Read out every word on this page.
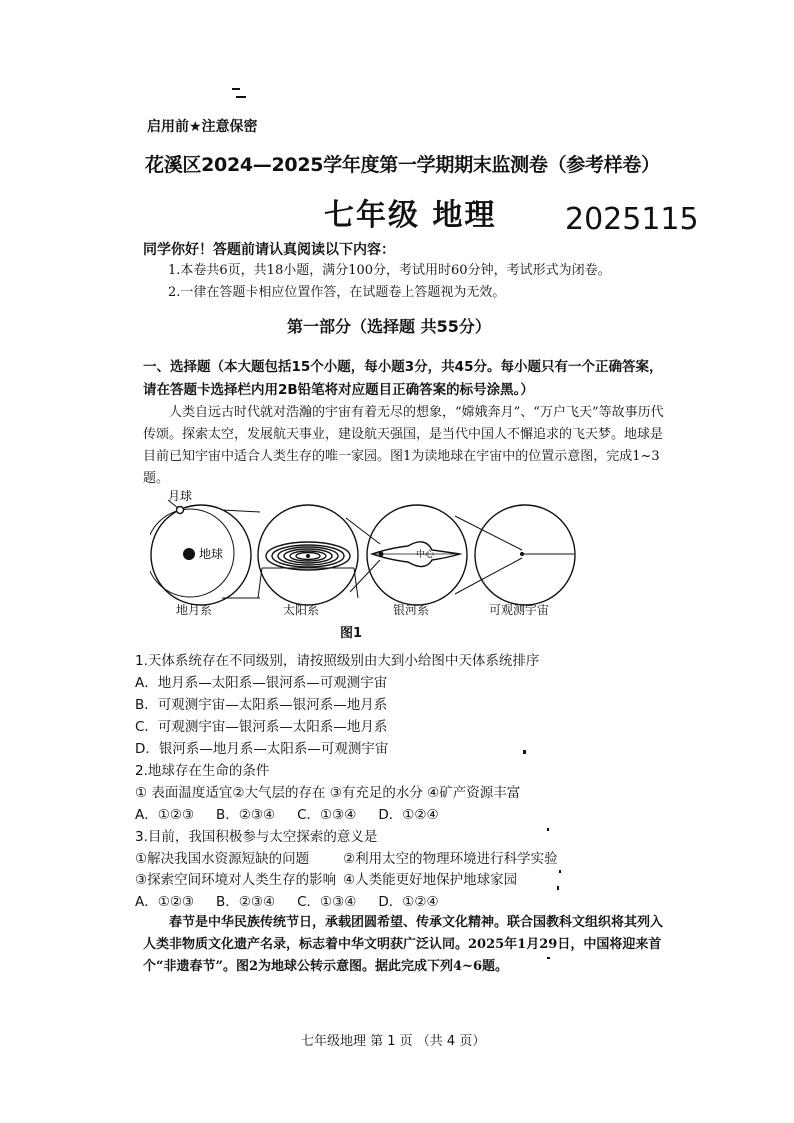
启用前★注意保密
花溪区2024—2025学年度第一学期期末监测卷（参考样卷）
七年级 地理 2025115
同学你好！答题前请认真阅读以下内容：
1.本卷共6页，共18小题，满分100分，考试用时60分钟，考试形式为闭卷。
2.一律在答题卡相应位置作答，在试题卷上答题视为无效。
第一部分（选择题 共55分）
一、选择题（本大题包括15个小题，每小题3分，共45分。每小题只有一个正确答案，请在答题卡选择栏内用2B铅笔将对应题目正确答案的标号涂黑。）
人类自远古时代就对浩瀚的宇宙有着无尽的想象，“嫦娥奔月”、“万户飞天”等故事历代传颂。探索太空，发展航天事业，建设航天强国，是当代中国人不懈追求的飞天梦。地球是目前已知宇宙中适合人类生存的唯一家园。图1为读地球在宇宙中的位置示意图，完成1~3题。
月球
地球	中心
地月系	太阳系	银河系	可观测宇宙
图1
1.天体系统存在不同级别，请按照级别由大到小给图中天体系统排序
A．地月系—太阳系—银河系—可观测宇宙
B．可观测宇宙—太阳系—银河系—地月系
C．可观测宇宙—银河系—太阳系—地月系
D．银河系—地月系—太阳系—可观测宇宙
2.地球存在生命的条件
① 表面温度适宜②大气层的存在 ③有充足的水分 ④矿产资源丰富
A．①②③ B．②③④ C．①③④ D．①②④
3.目前，我国积极参与太空探索的意义是
①解决我国水资源短缺的问题	②利用太空的物理环境进行科学实验
③探索空间环境对人类生存的影响 ④人类能更好地保护地球家园
A．①②③ B．②③④ C．①③④ D．①②④
春节是中华民族传统节日，承载团圆希望、传承文化精神。联合国教科文组织将其列入人类非物质文化遗产名录，标志着中华文明获广泛认同。2025年1月29日，中国将迎来首个“非遗春节”。图2为地球公转示意图。据此完成下列4~6题。
七年级地理 第 1 页 （共 4 页）
